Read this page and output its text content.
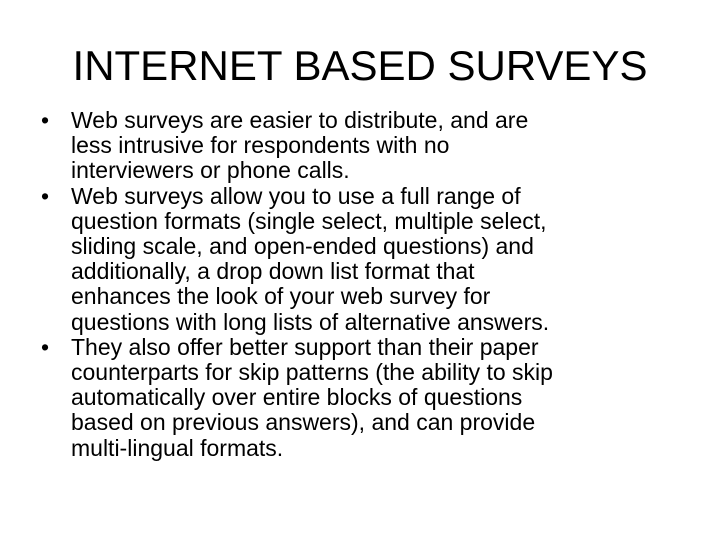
INTERNET BASED SURVEYS
• Web surveys are easier to distribute, and are
less intrusive for respondents with no
interviewers or phone calls.
• Web surveys allow you to use a full range of
question formats (single select, multiple select,
sliding scale, and open-ended questions) and
additionally, a drop down list format that
enhances the look of your web survey for
questions with long lists of alternative answers.
• They also offer better support than their paper
counterparts for skip patterns (the ability to skip
automatically over entire blocks of questions
based on previous answers), and can provide
multi-lingual formats.
